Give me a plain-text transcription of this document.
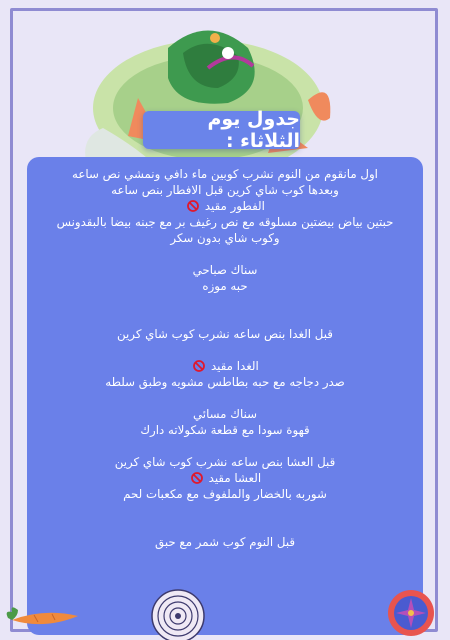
جدول يوم الثلاثاء :
اول مانقوم من النوم نشرب كوبين ماء دافي ونمشي نص ساعه
وبعدها كوب شاي كرين قبل الافطار بنص ساعه
الفطور مقيد
حبتين بياض بيضتين مسلوقه مع نص رغيف بر مع جبنه بيضا بالبقدونس
وكوب شاي بدون سكر
سناك صباحي
حبه موزه
قبل الغدا بنص ساعه نشرب كوب شاي كرين
الغدا مقيد
صدر دجاجه مع حبه بطاطس مشويه وطبق سلطه
سناك مسائي
قهوة سودا مع قطعة شكولاته دارك
قبل العشا بنص ساعه نشرب كوب شاي كرين
العشا مقيد
شوربه بالخضار والملفوف مع مكعبات لحم
قبل النوم كوب شمر مع حبق
